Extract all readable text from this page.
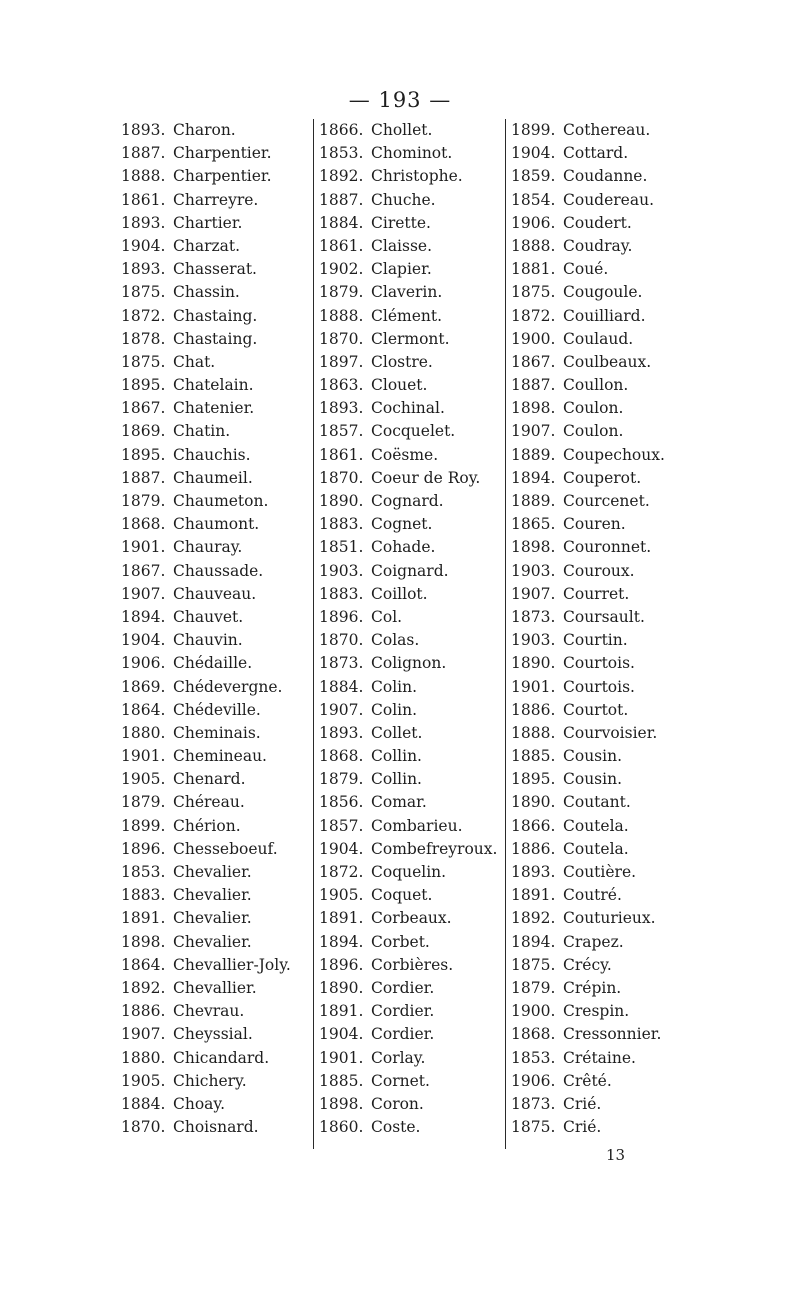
— 193 —
1893. Charon.
1887. Charpentier.
1888. Charpentier.
1861. Charreyre.
1893. Chartier.
1904. Charzat.
1893. Chasserat.
1875. Chassin.
1872. Chastaing.
1878. Chastaing.
1875. Chat.
1895. Chatelain.
1867. Chatenier.
1869. Chatin.
1895. Chauchis.
1887. Chaumeil.
1879. Chaumeton.
1868. Chaumont.
1901. Chauray.
1867. Chaussade.
1907. Chauveau.
1894. Chauvet.
1904. Chauvin.
1906. Chédaille.
1869. Chédevergne.
1864. Chédeville.
1880. Cheminais.
1901. Chemineau.
1905. Chenard.
1879. Chéreau.
1899. Chérion.
1896. Chesseboeuf.
1853. Chevalier.
1883. Chevalier.
1891. Chevalier.
1898. Chevalier.
1864. Chevallier-Joly.
1892. Chevallier.
1886. Chevrau.
1907. Cheyssial.
1880. Chicandard.
1905. Chichery.
1884. Choay.
1870. Choisnard.
1866. Chollet.
1853. Chominot.
1892. Christophe.
1887. Chuche.
1884. Cirette.
1861. Claisse.
1902. Clapier.
1879. Claverin.
1888. Clément.
1870. Clermont.
1897. Clostre.
1863. Clouet.
1893. Cochinal.
1857. Cocquelet.
1861. Coësme.
1870. Coeur de Roy.
1890. Cognard.
1883. Cognet.
1851. Cohade.
1903. Coignard.
1883. Coillot.
1896. Col.
1870. Colas.
1873. Colignon.
1884. Colin.
1907. Colin.
1893. Collet.
1868. Collin.
1879. Collin.
1856. Comar.
1857. Combarieu.
1904. Combefreyroux.
1872. Coquelin.
1905. Coquet.
1891. Corbeaux.
1894. Corbet.
1896. Corbières.
1890. Cordier.
1891. Cordier.
1904. Cordier.
1901. Corlay.
1885. Cornet.
1898. Coron.
1860. Coste.
1899. Cothereau.
1904. Cottard.
1859. Coudanne.
1854. Coudereau.
1906. Coudert.
1888. Coudray.
1881. Coué.
1875. Cougoule.
1872. Couilliard.
1900. Coulaud.
1867. Coulbeaux.
1887. Coullon.
1898. Coulon.
1907. Coulon.
1889. Coupechoux.
1894. Couperot.
1889. Courcenet.
1865. Couren.
1898. Couronnet.
1903. Couroux.
1907. Courret.
1873. Coursault.
1903. Courtin.
1890. Courtois.
1901. Courtois.
1886. Courtot.
1888. Courvoisier.
1885. Cousin.
1895. Cousin.
1890. Coutant.
1866. Coutela.
1886. Coutela.
1893. Coutière.
1891. Coutré.
1892. Couturieux.
1894. Crapez.
1875. Crécy.
1879. Crépin.
1900. Crespin.
1868. Cressonnier.
1853. Crétaine.
1906. Crêté.
1873. Crié.
1875. Crié.
13
